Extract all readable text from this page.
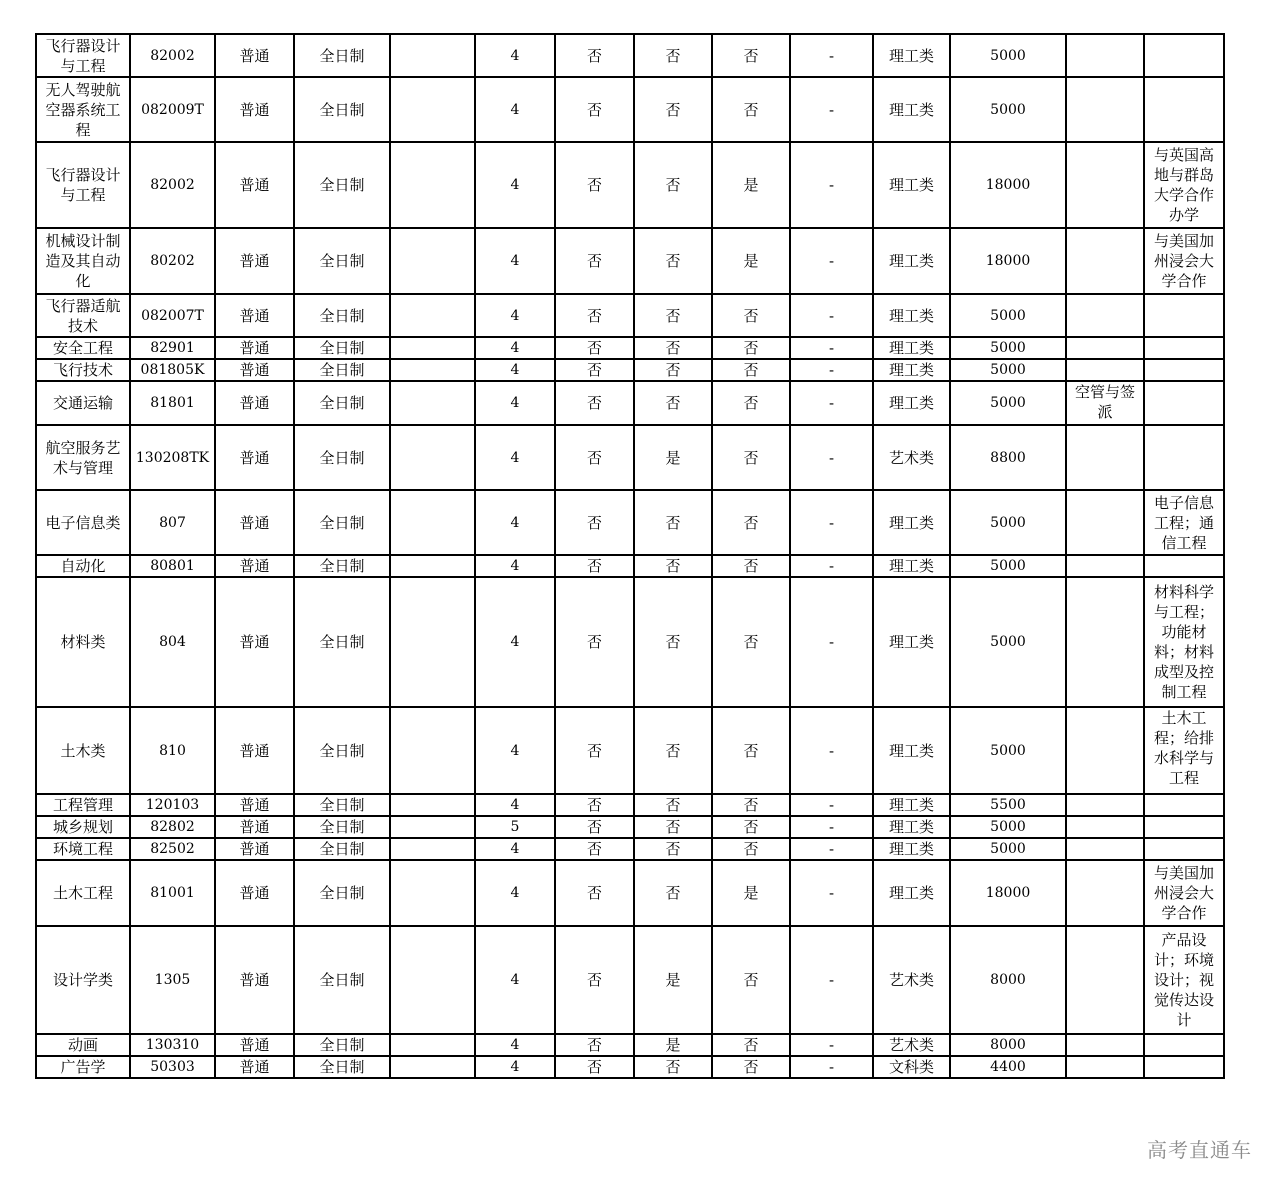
飞行器设计与工程	82002	普通	全日制		4	否	否	否	-	理工类	5000		
无人驾驶航空器系统工程	082009T	普通	全日制		4	否	否	否	-	理工类	5000		
飞行器设计与工程	82002	普通	全日制		4	否	否	是	-	理工类	18000		与英国高地与群岛大学合作办学
机械设计制造及其自动化	80202	普通	全日制		4	否	否	是	-	理工类	18000		与美国加州浸会大学合作
飞行器适航技术	082007T	普通	全日制		4	否	否	否	-	理工类	5000		
安全工程	82901	普通	全日制		4	否	否	否	-	理工类	5000		
飞行技术	081805K	普通	全日制		4	否	否	否	-	理工类	5000		
交通运输	81801	普通	全日制		4	否	否	否	-	理工类	5000	空管与签派	
航空服务艺术与管理	130208TK	普通	全日制		4	否	是	否	-	艺术类	8800		
电子信息类	807	普通	全日制		4	否	否	否	-	理工类	5000		电子信息工程；通信工程
自动化	80801	普通	全日制		4	否	否	否	-	理工类	5000		
材料类	804	普通	全日制		4	否	否	否	-	理工类	5000		材料科学与工程；功能材料；材料成型及控制工程
土木类	810	普通	全日制		4	否	否	否	-	理工类	5000		土木工程；给排水科学与工程
工程管理	120103	普通	全日制		4	否	否	否	-	理工类	5500		
城乡规划	82802	普通	全日制		5	否	否	否	-	理工类	5000		
环境工程	82502	普通	全日制		4	否	否	否	-	理工类	5000		
土木工程	81001	普通	全日制		4	否	否	是	-	理工类	18000		与美国加州浸会大学合作
设计学类	1305	普通	全日制		4	否	是	否	-	艺术类	8000		产品设计；环境设计；视觉传达设计
动画	130310	普通	全日制		4	否	是	否	-	艺术类	8000		
广告学	50303	普通	全日制		4	否	否	否	-	文科类	4400		
高考直通车
